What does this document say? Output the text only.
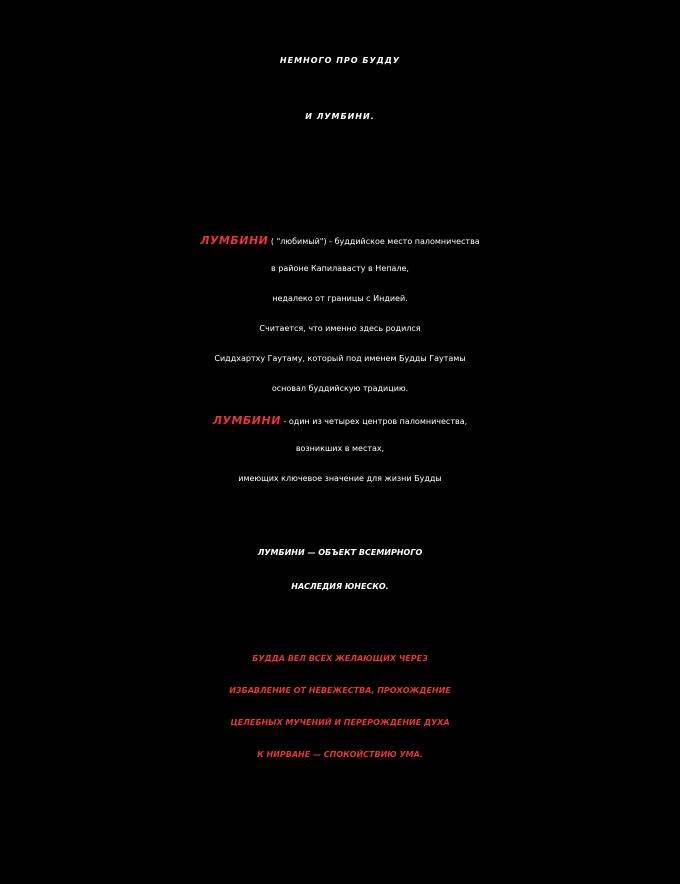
НЕМНОГО ПРО БУДДУ
И ЛУМБИНИ.
ЛУМБИНИ ( "любимый") - буддийское место паломничества
в районе Капилавасту в Непале,
недалеко от границы с Индией.
Считается, что именно здесь родился
Сиддхартху Гаутаму, который под именем Будды Гаутамы
основал буддийскую традицию.
ЛУМБИНИ - один из четырех центров паломничества,
возникших в местах,
имеющих ключевое значение для жизни Будды
ЛУМБИНИ — ОБЪЕКТ ВСЕМИРНОГО
НАСЛЕДИЯ ЮНЕСКО.
БУДДА ВЕЛ ВСЕХ ЖЕЛАЮЩИХ ЧЕРЕЗ
ИЗБАВЛЕНИЕ ОТ НЕВЕЖЕСТВА, ПРОХОЖДЕНИЕ
ЦЕЛЕБНЫХ МУЧЕНИЙ И ПЕРЕРОЖДЕНИЕ ДУХА
К НИРВАНЕ — СПОКОЙСТВИЮ УМА.
